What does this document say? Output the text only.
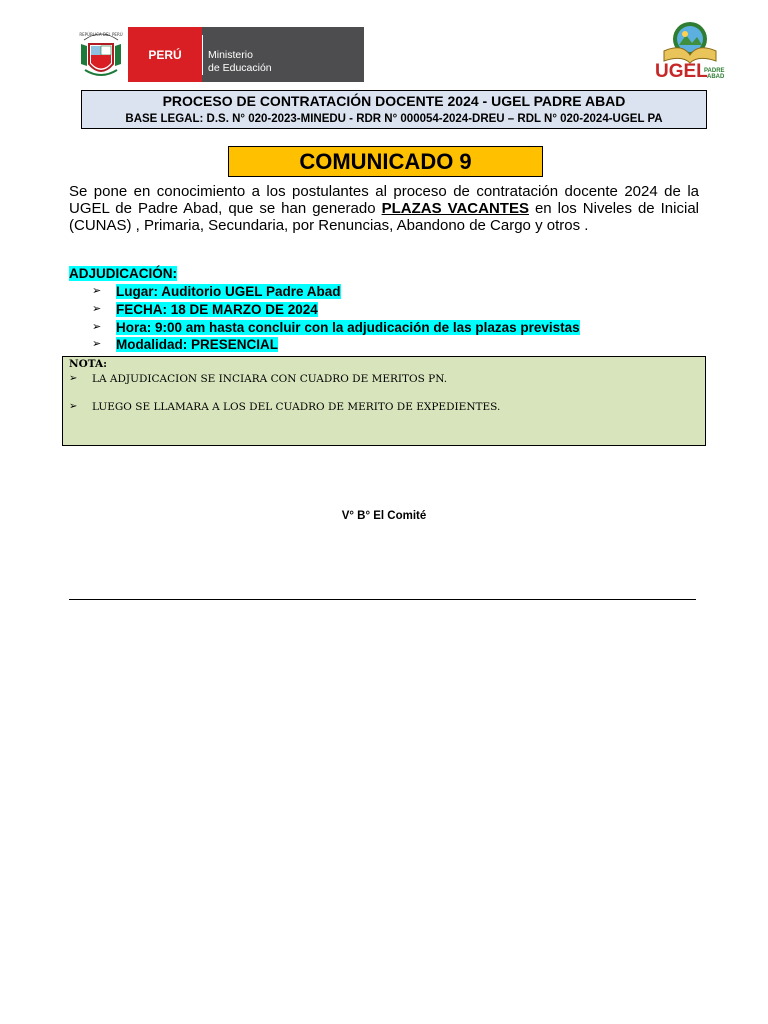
REPÚBLICA DEL PERÚ
PERÚ	Ministerio
de Educación	UGEL
PADRE
ABAD
PROCESO DE CONTRATACIÓN DOCENTE 2024 - UGEL PADRE ABAD
BASE LEGAL: D.S. N° 020-2023-MINEDU - RDR N° 000054-2024-DREU – RDL N° 020-2024-UGEL PA
COMUNICADO 9
Se pone en conocimiento a los postulantes al proceso de contratación docente 2024 de la UGEL de Padre Abad, que se han generado PLAZAS VACANTES en los Niveles de Inicial (CUNAS) , Primaria, Secundaria, por Renuncias, Abandono de Cargo y otros .
ADJUDICACIÓN:
➢ Lugar: Auditorio UGEL Padre Abad
➢ FECHA: 18 DE MARZO DE 2024
➢ Hora: 9:00 am hasta concluir con la adjudicación de las plazas previstas
➢ Modalidad: PRESENCIAL
NOTA:
➢ LA ADJUDICACION SE INCIARA CON CUADRO DE MERITOS PN.
➢ LUEGO SE LLAMARA A LOS DEL CUADRO DE MERITO DE EXPEDIENTES.
V° B° El Comité
